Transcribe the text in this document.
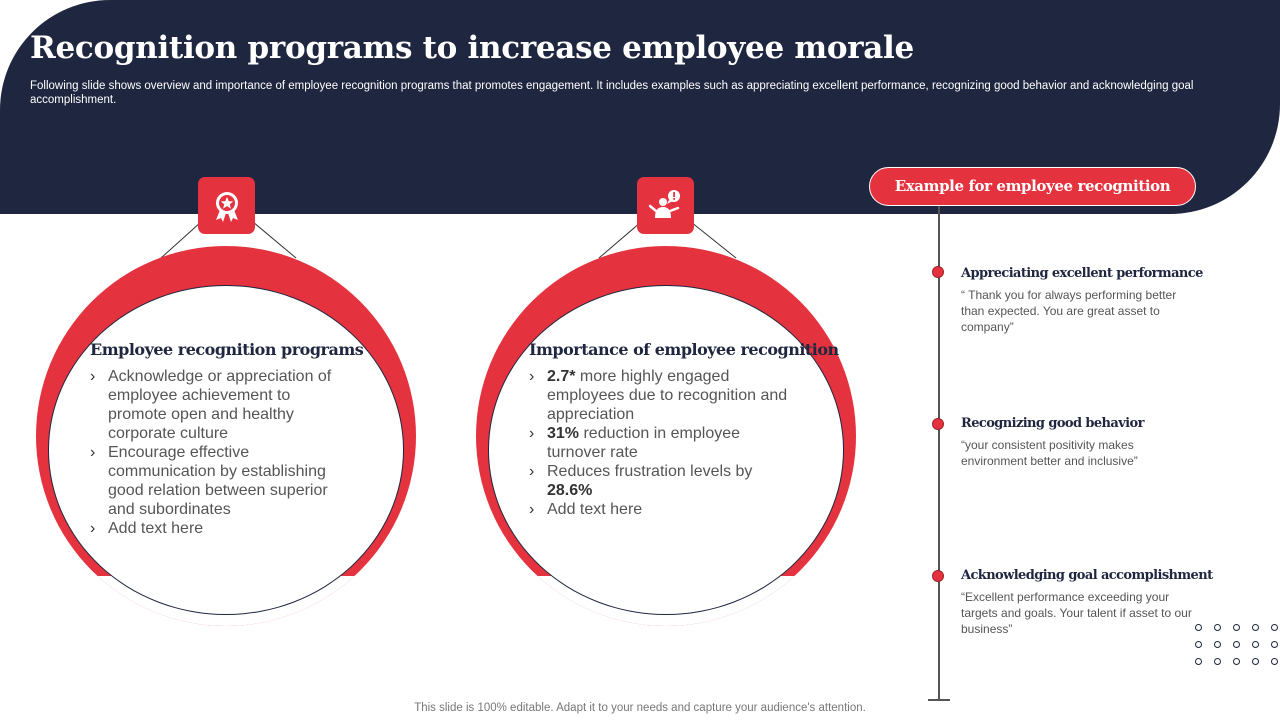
Recognition programs to increase employee morale

Following slide shows overview and importance of employee recognition programs that promotes engagement. It includes examples such as appreciating excellent performance, recognizing good behavior and acknowledging goal accomplishment.

Employee recognition programs
› Acknowledge or appreciation of employee achievement to promote open and healthy corporate culture
› Encourage effective communication by establishing good relation between superior and subordinates
› Add text here
Importance of employee recognition
› 2.7* more highly engaged employees due to recognition and appreciation
› 31% reduction in employee turnover rate
› Reduces frustration levels by 28.6%
› Add text here
Example for employee recognition
Appreciating excellent performance

“ Thank you for always performing better than expected. You are great asset to company”

Recognizing good behavior

“your consistent positivity makes environment better and inclusive”

Acknowledging goal accomplishment

“Excellent performance exceeding your targets and goals. Your talent if asset to our business”

This slide is 100% editable. Adapt it to your needs and capture your audience's attention.
